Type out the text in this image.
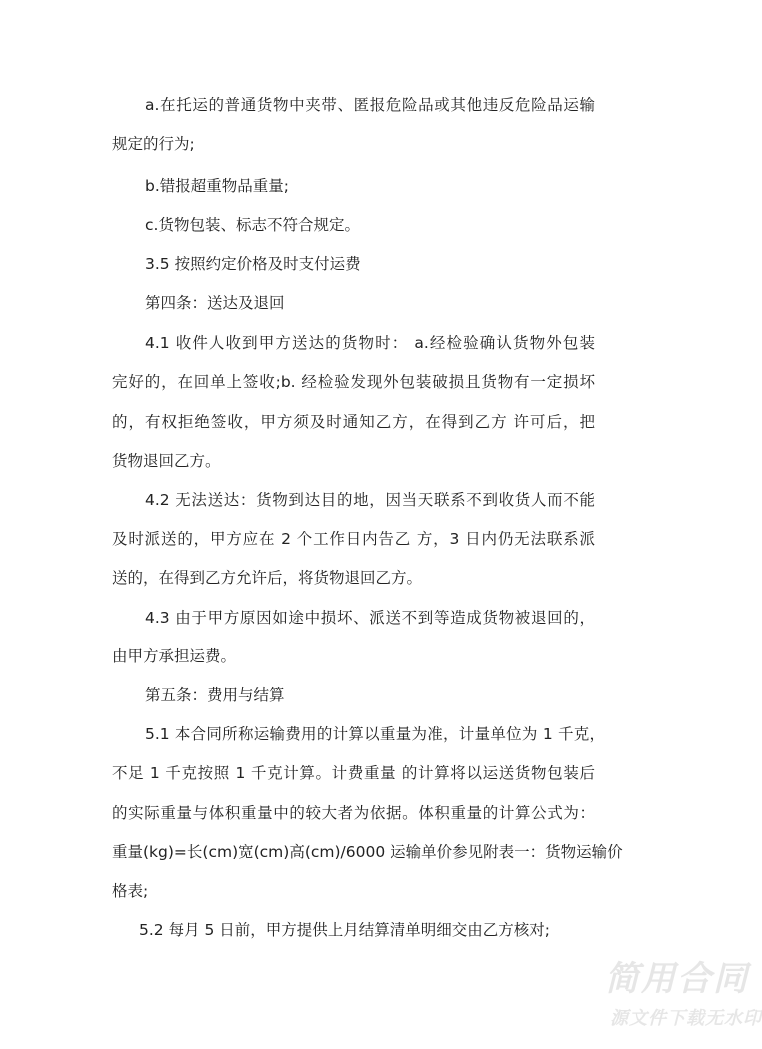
a.在托运的普通货物中夹带、匿报危险品或其他违反危险品运输
规定的行为;
b.错报超重物品重量;
c.货物包装、标志不符合规定。
3.5 按照约定价格及时支付运费
第四条：送达及退回
4.1 收件人收到甲方送达的货物时： a.经检验确认货物外包装
完好的，在回单上签收;b. 经检验发现外包装破损且货物有一定损坏
的，有权拒绝签收，甲方须及时通知乙方，在得到乙方 许可后，把
货物退回乙方。
4.2 无法送达：货物到达目的地，因当天联系不到收货人而不能
及时派送的，甲方应在 2 个工作日内告乙 方，3 日内仍无法联系派
送的，在得到乙方允许后，将货物退回乙方。
4.3 由于甲方原因如途中损坏、派送不到等造成货物被退回的，
由甲方承担运费。
第五条：费用与结算
5.1 本合同所称运输费用的计算以重量为准，计量单位为 1 千克，
不足 1 千克按照 1 千克计算。计费重量 的计算将以运送货物包装后
的实际重量与体积重量中的较大者为依据。体积重量的计算公式为：
重量(kg)=长(cm)宽(cm)高(cm)/6000 运输单价参见附表一：货物运输价
格表;
5.2 每月 5 日前，甲方提供上月结算清单明细交由乙方核对;
简用合同
源文件下载无水印
